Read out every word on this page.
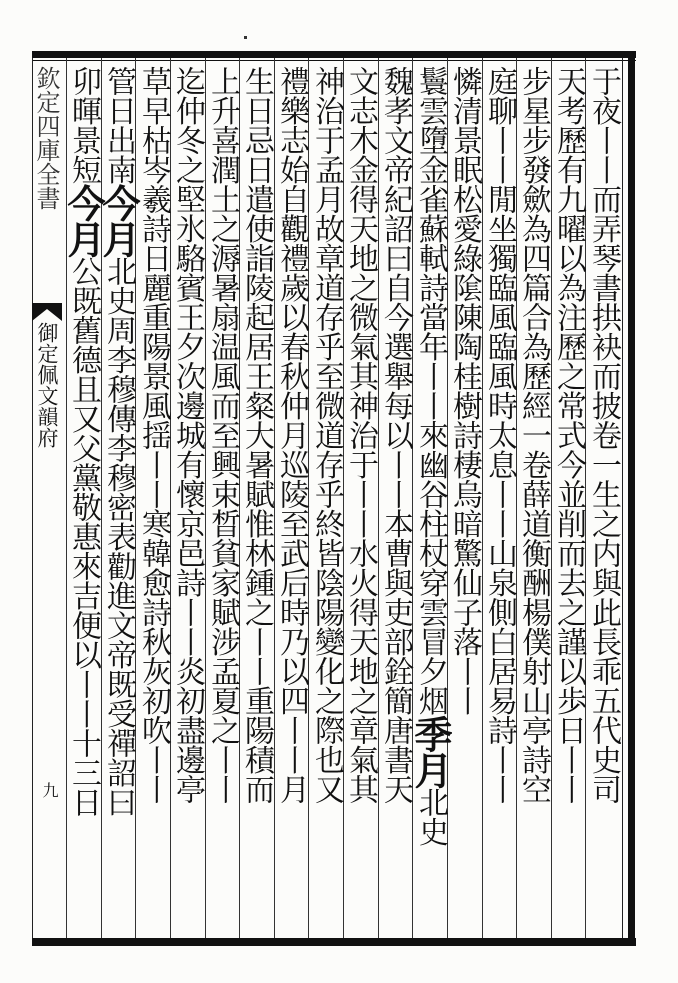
欽定四庫全書
御定佩文韻府
九	于夜丨丨而弄琴書拱袂而披卷一生之内與此長乖五代史司
天考歷有九曜以為注歷之常式今並削而去之謹以歩日丨丨
步星步發歛為四篇合為歷經一卷薛道衡酬楊僕射山亭詩空
庭聊丨丨閒坐獨臨風臨風時太息丨丨山泉側白居易詩丨丨
憐清景眠松愛綠隂陳陶桂樹詩棲烏暗驚仙子落丨丨
鬟雲墮金雀蘇軾詩當年丨丨來幽谷柱杖穿雲冒夕烟季月北史
魏孝文帝紀詔曰自今選舉每以丨丨本曹與吏部銓簡唐書天
文志木金得天地之微氣其神治于丨丨水火得天地之章氣其
神治于孟月故章道存乎至微道存乎終皆陰陽變化之際也又
禮樂志始自觀禮歲以春秋仲月巡陵至武后時乃以四丨丨月
生日忌日遣使詣陵起居王粲大暑賦惟林鍾之丨丨重陽積而
上升喜潤土之溽暑扇温風而至興束晳貧家賦涉孟夏之丨丨
迄仲冬之堅氷駱賓王夕次邊城有懷京邑詩丨丨炎初盡邊亭
草早枯岑羲詩日麗重陽景風揺丨丨寒韓愈詩秋灰初吹丨丨
管日出南今月北史周李穆傳李穆密表勸進文帝既受禪詔曰
卯暉景短今月公既舊德且又父黨敬惠來吉便以丨丨十三日
